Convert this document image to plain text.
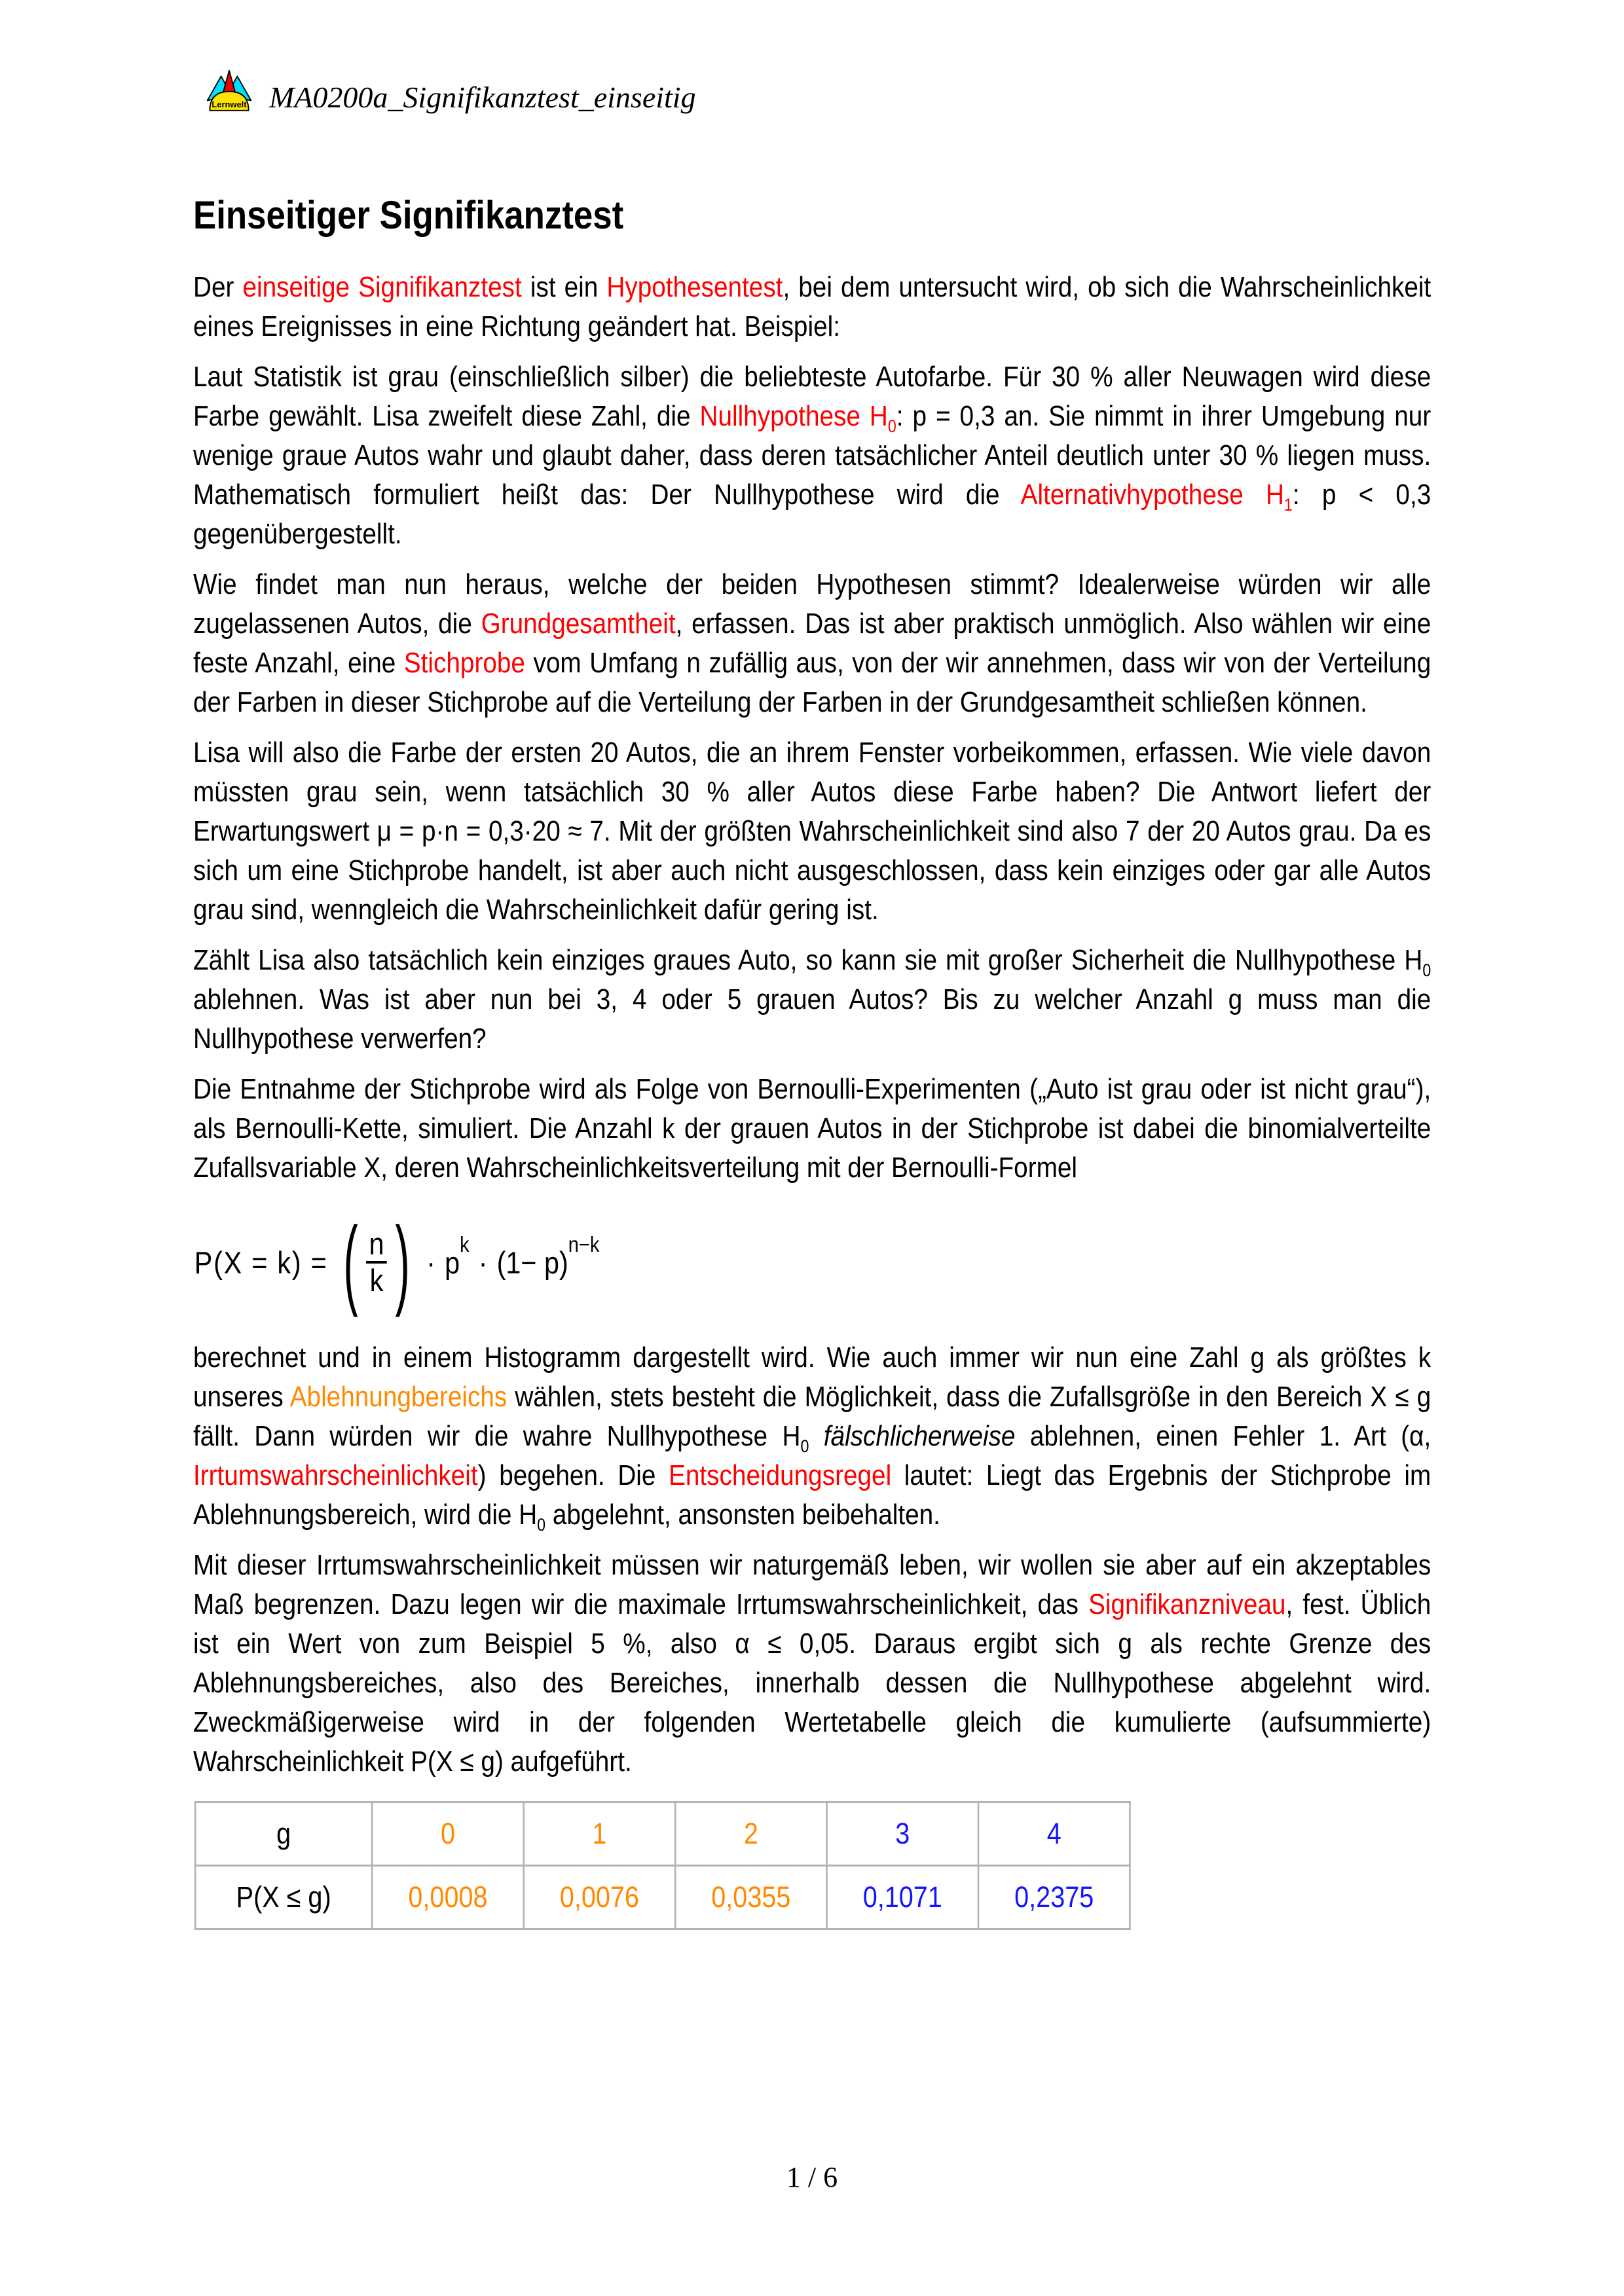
Lernwelt MA0200a_Signifikanztest_einseitig
Einseitiger Signifikanztest

Der einseitige Signifikanztest ist ein Hypothesentest, bei dem untersucht wird, ob sich die Wahrscheinlichkeit eines Ereignisses in eine Richtung geändert hat. Beispiel:

Laut Statistik ist grau (einschließlich silber) die beliebteste Autofarbe. Für 30 % aller Neuwagen wird diese Farbe gewählt. Lisa zweifelt diese Zahl, die Nullhypothese $H_0$: p = 0,3 an. Sie nimmt in ihrer Umgebung nur wenige graue Autos wahr und glaubt daher, dass deren tatsächlicher Anteil deutlich unter 30 % liegen muss. Mathematisch formuliert heißt das: Der Nullhypothese wird die Alternativhypothese $H_1$: p < 0,3 gegenübergestellt.

Wie findet man nun heraus, welche der beiden Hypothesen stimmt? Idealerweise würden wir alle zugelassenen Autos, die Grundgesamtheit, erfassen. Das ist aber praktisch unmöglich. Also wählen wir eine feste Anzahl, eine Stichprobe vom Umfang n zufällig aus, von der wir annehmen, dass wir von der Verteilung der Farben in dieser Stichprobe auf die Verteilung der Farben in der Grundgesamtheit schließen können.

Lisa will also die Farbe der ersten 20 Autos, die an ihrem Fenster vorbeikommen, erfassen. Wie viele davon müssten grau sein, wenn tatsächlich 30 % aller Autos diese Farbe haben? Die Antwort liefert der Erwartungswert μ = p·n = 0,3·20 ≈ 7. Mit der größten Wahrscheinlichkeit sind also 7 der 20 Autos grau. Da es sich um eine Stichprobe handelt, ist aber auch nicht ausgeschlossen, dass kein einziges oder gar alle Autos grau sind, wenngleich die Wahrscheinlichkeit dafür gering ist.

Zählt Lisa also tatsächlich kein einziges graues Auto, so kann sie mit großer Sicherheit die Nullhypothese $H_0$ ablehnen. Was ist aber nun bei 3, 4 oder 5 grauen Autos? Bis zu welcher Anzahl g muss man die Nullhypothese verwerfen?

Die Entnahme der Stichprobe wird als Folge von Bernoulli-Experimenten („Auto ist grau oder ist nicht grau“), als Bernoulli-Kette, simuliert. Die Anzahl k der grauen Autos in der Stichprobe ist dabei die binomialverteilte Zufallsvariable X, deren Wahrscheinlichkeitsverteilung mit der Bernoulli-Formel

P(X = k) = ( $\frac{n}{k}$ ) · p
k
· (1− p)
n−k

berechnet und in einem Histogramm dargestellt wird. Wie auch immer wir nun eine Zahl g als größtes k unseres Ablehnungbereichs wählen, stets besteht die Möglichkeit, dass die Zufallsgröße in den Bereich X ≤ g fällt. Dann würden wir die wahre Nullhypothese $H_0$ fälschlicherweise ablehnen, einen Fehler 1. Art (α, Irrtumswahrscheinlichkeit) begehen. Die Entscheidungsregel lautet: Liegt das Ergebnis der Stichprobe im Ablehnungsbereich, wird die $H_0$ abgelehnt, ansonsten beibehalten.

Mit dieser Irrtumswahrscheinlichkeit müssen wir naturgemäß leben, wir wollen sie aber auf ein akzeptables Maß begrenzen. Dazu legen wir die maximale Irrtumswahrscheinlichkeit, das Signifikanzniveau, fest. Üblich ist ein Wert von zum Beispiel 5 %, also α ≤ 0,05. Daraus ergibt sich g als rechte Grenze des Ablehnungsbereiches, also des Bereiches, innerhalb dessen die Nullhypothese abgelehnt wird. Zweckmäßigerweise wird in der folgenden Wertetabelle gleich die kumulierte (aufsummierte) Wahrscheinlichkeit P(X ≤ g) aufgeführt.

g	0	1	2	3	4
P(X ≤ g)	0,0008	0,0076	0,0355	0,1071	0,2375
1 / 6
